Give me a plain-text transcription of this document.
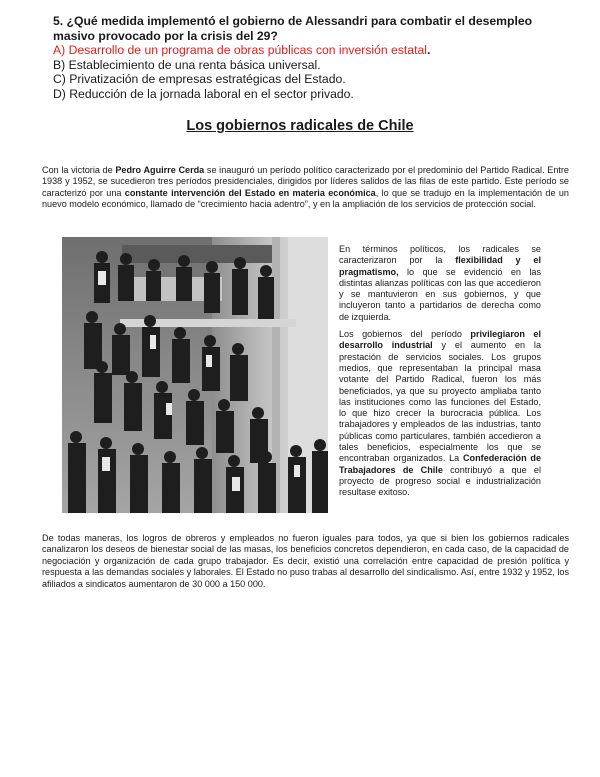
5. ¿Qué medida implementó el gobierno de Alessandri para combatir el desempleo masivo provocado por la crisis del 29?
A) Desarrollo de un programa de obras públicas con inversión estatal.
B) Establecimiento de una renta básica universal.
C) Privatización de empresas estratégicas del Estado.
D) Reducción de la jornada laboral en el sector privado.
Los gobiernos radicales de Chile
Con la victoria de Pedro Aguirre Cerda se inauguró un período político caracterizado por el predominio del Partido Radical. Entre 1938 y 1952, se sucedieron tres períodos presidenciales, dirigidos por líderes salidos de las filas de este partido. Este período se caracterizó por una constante intervención del Estado en materia económica, lo que se tradujo en la implementación de un nuevo modelo económico, llamado de “crecimiento hacia adentro”, y en la ampliación de los servicios de protección social.

En términos políticos, los radicales se caracterizaron por la flexibilidad y el pragmatismo, lo que se evidenció en las distintas alianzas políticas con las que accedieron y se mantuvieron en sus gobiernos, y que incluyeron tanto a partidarios de derecha como de izquierda.

Los gobiernos del período privilegiaron el desarrollo industrial y el aumento en la prestación de servicios sociales. Los grupos medios, que representaban la principal masa votante del Partido Radical, fueron los más beneficiados, ya que su proyecto ampliaba tanto las instituciones como las funciones del Estado, lo que hizo crecer la burocracia pública. Los trabajadores y empleados de las industrias, tanto públicas como particulares, también accedieron a tales beneficios, especialmente los que se encontraban organizados. La Confederación de Trabajadores de Chile contribuyó a que el proyecto de progreso social e industrialización resultase exitoso.

De todas maneras, los logros de obreros y empleados no fueron iguales para todos, ya que si bien los gobiernos radicales canalizaron los deseos de bienestar social de las masas, los beneficios concretos dependieron, en cada caso, de la capacidad de negociación y organización de cada grupo trabajador. Es decir, existió una correlación entre capacidad de presión política y respuesta a las demandas sociales y laborales. El Estado no puso trabas al desarrollo del sindicalismo. Así, entre 1932 y 1952, los afiliados a sindicatos aumentaron de 30 000 a 150 000.
